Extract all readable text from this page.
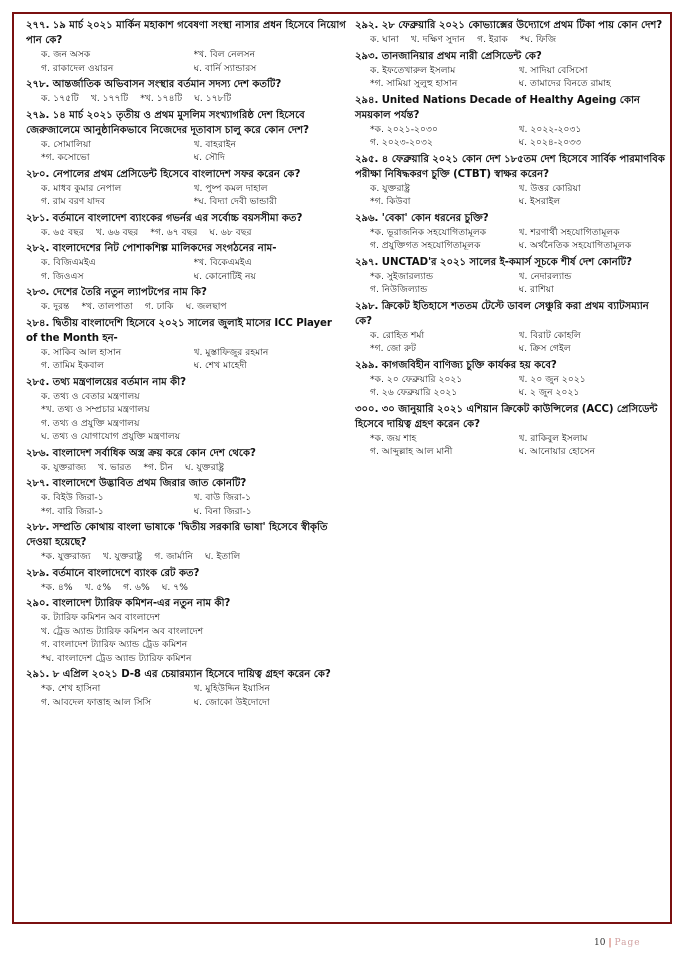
২৭৭. ১৯ মার্চ ২০২১ মার্কিন মহাকাশ গবেষণা সংস্থা নাসার প্রধন হিসেবে নিয়োগ পান কে?
ক. জন অসক	*খ. বিল নেলসন
গ. রাকাদেল ওয়ারন	ঘ. বার্নি স্যান্ডারস
২৭৮. আন্তর্জাতিক অভিবাসন সংস্থার বর্তমান সদস্য দেশ কতটি?
ক. ১৭৫টি খ. ১৭৭টি *খ. ১৭৪টি ঘ. ১৭৮টি
২৭৯. ১৪ মার্চ ২০২১ তৃতীয় ও প্রথম মুসলিম সংখ্যাগরিষ্ঠ দেশ হিসেবে জেরুজালেমে আনুষ্ঠানিকভাবে নিজেদের দূতাবাস চালু করে কোন দেশ?
ক. সোমালিয়া	খ. বাহরাইন
*গ. কসোভো	ঘ. সৌদি
২৮০. নেপালের প্রথম প্রেসিডেন্ট হিসেবে বাংলাদেশ সফর করেন কে?
ক. মাধব কুমার নেপাল	খ. পুষ্প কমল দাহাল
গ. রাম বরণ যাদব	*ঘ. বিদ্যা দেবী ভান্ডারী
২৮১. বর্তমানে বাংলাদেশ ব্যাংকের গভর্নর এর সর্বোচ্চ বয়সসীমা কত?
ক. ৬৫ বছর খ. ৬৬ বছর *গ. ৬৭ বছর ঘ. ৬৮ বছর
২৮২. বাংলাদেশের নিট পোশাকশিল্প মালিকদের সংগঠনের নাম-
ক. বিজিএমইএ	*খ. বিকেএমইএ
গ. জিওএস	ঘ. কোনোটিই নয়
২৮৩. দেশের তৈরি নতুন ল্যাপটপের নাম কি?
ক. দুরন্ত *খ. তালপাতা গ. ঢাকি ঘ. জলছাপ
২৮৪. দ্বিতীয় বাংলাদেশি হিসেবে ২০২১ সালের জুলাই মাসের ICC Player of the Month হন-
ক. সাকিব আল হাসান	খ. মুস্তাফিজুর রহমান
গ. তামিম ইকবাল	ঘ. শেখ মাহেদী
২৮৫. তথ্য মন্ত্রণালয়ের বর্তমান নাম কী?
ক. তথ্য ও বেতার মন্ত্রণালয়
*খ. তথ্য ও সম্প্রচার মন্ত্রণালয়
গ. তথ্য ও প্রযুক্তি মন্ত্রণালয়
ঘ. তথ্য ও যোগাযোগ প্রযুক্তি মন্ত্রণালয়
২৮৬. বাংলাদেশ সর্বাধিক অস্ত্র ক্রয় করে কোন দেশ থেকে?
ক. যুক্তরাজ্য খ. ভারত *গ. চীন ঘ. যুক্তরাষ্ট্র
২৮৭. বাংলাদেশে উদ্ভাবিত প্রথম জিরার জাত কোনটি?
ক. বিইউ জিরা-১	খ. বাউ জিরা-১
*গ. বারি জিরা-১	ঘ. বিনা জিরা-১
২৮৮. সম্প্রতি কোথায় বাংলা ভাষাকে 'দ্বিতীয় সরকারি ভাষা' হিসেবে স্বীকৃতি দেওয়া হয়েছে?
*ক. যুক্তরাজ্য খ. যুক্তরাষ্ট্র গ. জার্মানি ঘ. ইতালি
২৮৯. বর্তমানে বাংলাদেশে ব্যাংক রেট কত?
*ক. ৪% খ. ৫% গ. ৬% ঘ. ৭%
২৯০. বাংলাদেশ ট্যারিফ কমিশন-এর নতুন নাম কী?
ক. ট্যারিফ কমিশন অব বাংলাদেশ
খ. ট্রেড অ্যান্ড ট্যারিফ কমিশন অব বাংলাদেশ
গ. বাংলাদেশ ট্যারিফ অ্যান্ড ট্রেড কমিশন
*ঘ. বাংলাদেশ ট্রেড অ্যান্ড ট্যারিফ কমিশন
২৯১. ৮ এপ্রিল ২০২১ D-8 এর চেয়ারম্যান হিসেবে দায়িত্ব গ্রহণ করেন কে?
*ক. শেখ হাসিনা	খ. মুহিউদ্দিন ইয়াসিন
গ. আবদেল ফাত্তাহ আল সিসি	ঘ. জোকো উইদোদো
২৯২. ২৮ ফেব্রুয়ারি ২০২১ কোভ্যাক্সের উদ্যোগে প্রথম টিকা পায় কোন দেশ?
ক. ঘানা খ. দক্ষিণ সুদান গ. ইরাক *ঘ. ফিজি
২৯৩. তানজানিয়ার প্রথম নারী প্রেসিডেন্ট কে?
ক. ইফতেখারুল ইসলাম	খ. সাদিয়া বেসিসো
*গ. সামিয়া সুলুহু হাসান	ঘ. তামাদের বিনতে রামাহ
২৯৪. United Nations Decade of Healthy Ageing কোন সময়কাল পর্যন্ত?
*ক. ২০২১-২০৩০	খ. ২০২২-২০৩১
গ. ২০২৩-২০৩২	ঘ. ২০২৪-২০৩৩
২৯৫. ৪ ফেব্রুয়ারি ২০২১ কোন দেশ ১৮৫তম দেশ হিসেবে সার্বিক পারমাণবিক পরীক্ষা নিষিদ্ধকরণ চুক্তি (CTBT) স্বাক্ষর করেন?
ক. যুক্তরাষ্ট্র	খ. উত্তর কোরিয়া
*গ. কিউবা	ঘ. ইসরাইল
২৯৬. 'বেকা' কোন ধরনের চুক্তি?
*ক. ভূরাজনিক সহযোগিতামূলক	খ. শরণার্থী সহযোগিতামূলক
গ. প্রযুক্তিগত সহযোগিতামূলক	ঘ. অর্থনৈতিক সহযোগিতামূলক
২৯৭. UNCTAD'র ২০২১ সালের ই-কমার্স সূচকে শীর্ষ দেশ কোনটি?
*ক. সুইজারল্যান্ড	খ. নেদারল্যান্ড
গ. নিউজিল্যান্ড	ঘ. রাশিয়া
২৯৮. ক্রিকেট ইতিহাসে শততম টেস্টে ডাবল সেঞ্চুরি করা প্রথম ব্যাটসম্যান কে?
ক. রোহিত শর্মা	খ. বিরাট কোহলি
*গ. জো রুট	ঘ. ক্রিস গেইল
২৯৯. কাগজবিহীন বাণিজ্য চুক্তি কার্যকর হয় কবে?
*ক. ২০ ফেব্রুয়ারি ২০২১	খ. ২০ জুন ২০২১
গ. ২৬ ফেব্রুয়ারি ২০২১	ঘ. ২ জুন ২০২১
৩০০. ৩০ জানুয়ারি ২০২১ এশিয়ান ক্রিকেট কাউন্সিলের (ACC) প্রেসিডেন্ট হিসেবে দায়িত্ব গ্রহণ করেন কে?
*ক. জয় শাহ	খ. রাকিবুল ইসলাম
গ. আব্দুল্লাহ আল মানী	ঘ. আনোয়ার হোসেন
10 | Page
